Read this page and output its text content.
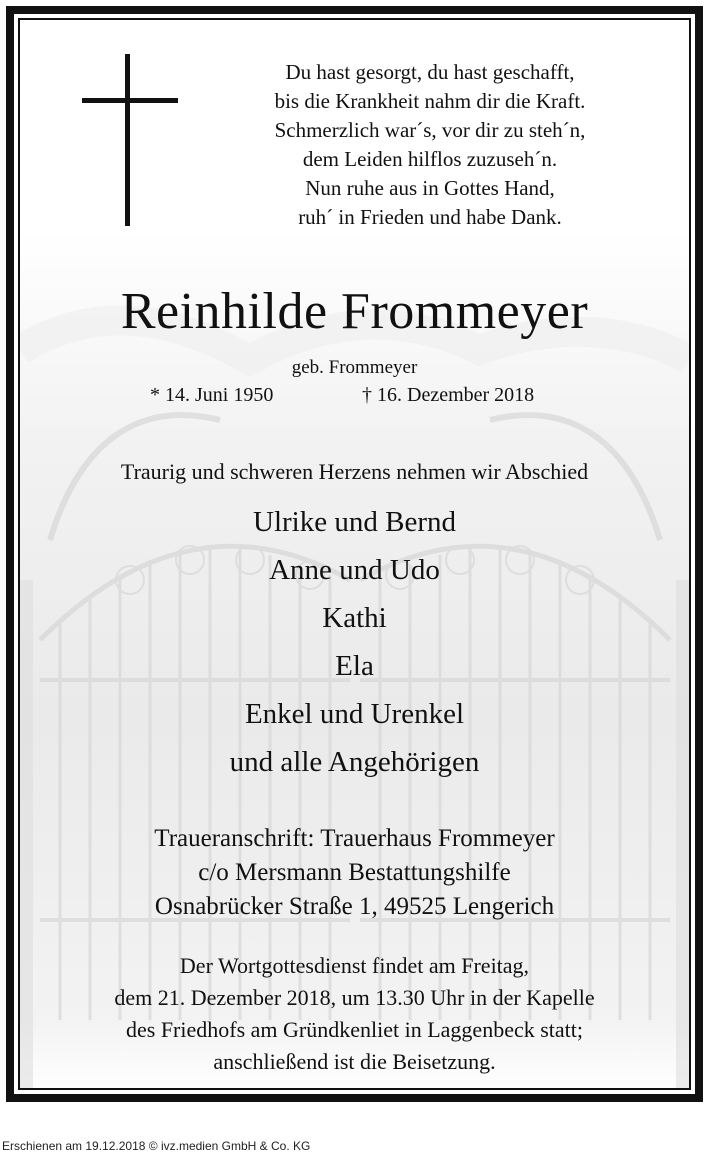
Du hast gesorgt, du hast geschafft,
bis die Krankheit nahm dir die Kraft.
Schmerzlich war´s, vor dir zu steh´n,
dem Leiden hilflos zuzuseh´n.
Nun ruhe aus in Gottes Hand,
ruh´ in Frieden und habe Dank.
Reinhilde Frommeyer
geb. Frommeyer
* 14. Juni 1950	† 16. Dezember 2018
Traurig und schweren Herzens nehmen wir Abschied
Ulrike und Bernd
Anne und Udo
Kathi
Ela
Enkel und Urenkel
und alle Angehörigen
Traueranschrift: Trauerhaus Frommeyer
c/o Mersmann Bestattungshilfe
Osnabrücker Straße 1, 49525 Lengerich
Der Wortgottesdienst findet am Freitag,
dem 21. Dezember 2018, um 13.30 Uhr in der Kapelle
des Friedhofs am Gründkenliet in Laggenbeck statt;
anschließend ist die Beisetzung.
Erschienen am 19.12.2018 © ivz.medien GmbH & Co. KG
